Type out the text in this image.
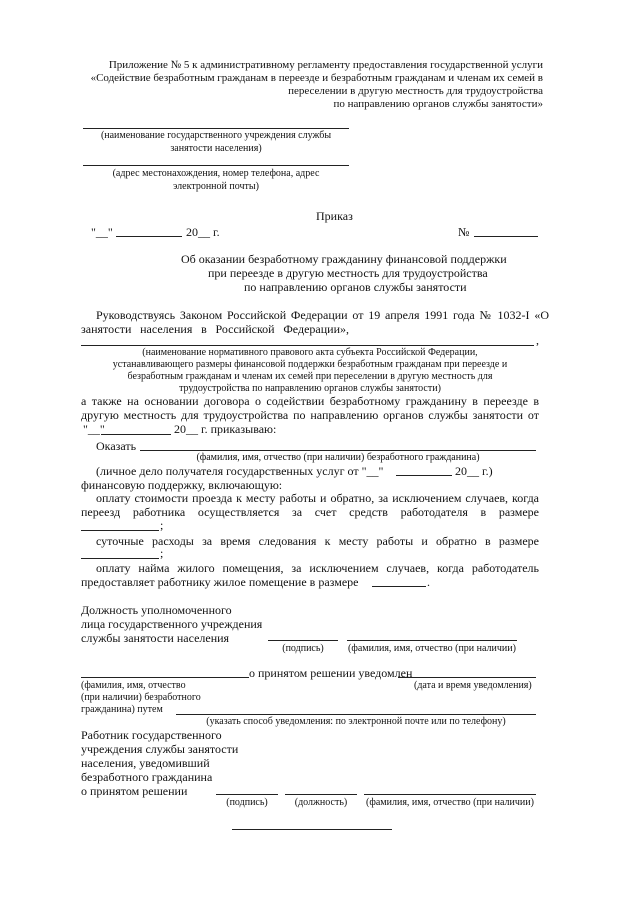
Приложение № 5 к административному регламенту предоставления государственной услуги
«Содействие безработным гражданам в переезде и безработным гражданам и членам их семей в
переселении в другую местность для трудоустройства
по направлению органов службы занятости»
(наименование государственного учреждения службы
занятости населения)
(адрес местонахождения, номер телефона, адрес
электронной почты)
Приказ
"__"	20__ г.	№
Об оказании безработному гражданину финансовой поддержки
при переезде в другую местность для трудоустройства
по направлению органов службы занятости
Руководствуясь Законом Российской Федерации от 19 апреля 1991 года № 1032-I «О
занятости населения в Российской Федерации»,
,
(наименование нормативного правового акта субъекта Российской Федерации,
устанавливающего размеры финансовой поддержки безработным гражданам при переезде и
безработным гражданам и членам их семей при переселении в другую местность для
трудоустройства по направлению органов службы занятости)
а также на основании договора о содействии безработному гражданину в переезде в
другую местность для трудоустройства по направлению органов службы занятости от
"__"	20__ г. приказываю:
Оказать
(фамилия, имя, отчество (при наличии) безработного гражданина)
(личное дело получателя государственных услуг от "__"	20__ г.)
финансовую поддержку, включающую:
оплату стоимости проезда к месту работы и обратно, за исключением случаев, когда
переезд работника осуществляется за счет средств работодателя в размере
;
суточные расходы за время следования к месту работы и обратно в размере
;
оплату найма жилого помещения, за исключением случаев, когда работодатель
предоставляет работнику жилое помещение в размере	.
Должность уполномоченного
лица государственного учреждения
службы занятости населения
(подпись)	(фамилия, имя, отчество (при наличии)
о принятом решении уведомлен
(дата и время уведомления)
(фамилия, имя, отчество
(при наличии) безработного
гражданина) путем
(указать способ уведомления: по электронной почте или по телефону)
Работник государственного
учреждения службы занятости
населения, уведомивший
безработного гражданина
о принятом решении
(подпись)	(должность)	(фамилия, имя, отчество (при наличии)
